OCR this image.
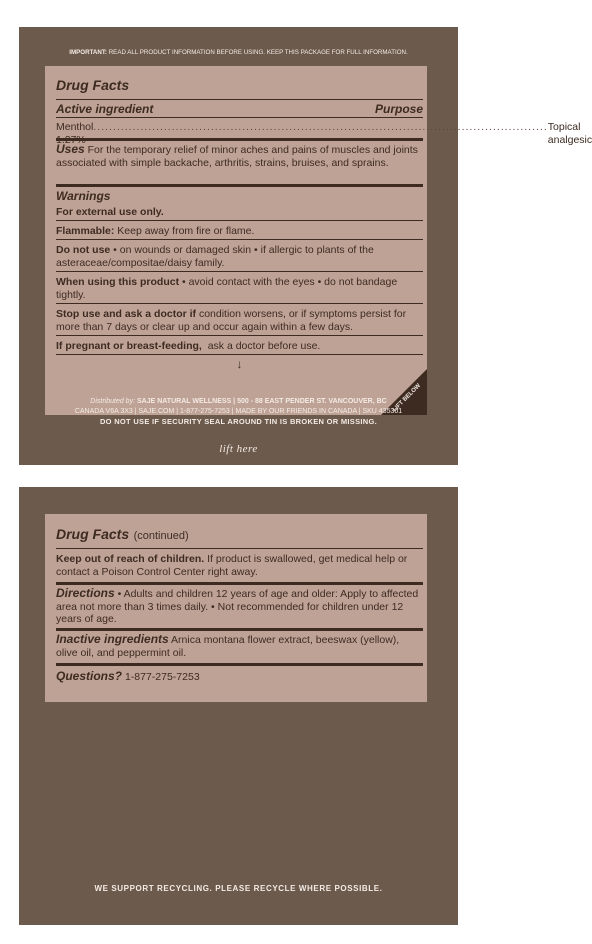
IMPORTANT: READ ALL PRODUCT INFORMATION BEFORE USING. KEEP THIS PACKAGE FOR FULL INFORMATION.
Drug Facts
Active ingredient	Purpose
Menthol 1.27%
.................................................................................................................... Topical analgesic
Uses For the temporary relief of minor aches and pains of muscles and joints associated with simple backache, arthritis, strains, bruises, and sprains.
Warnings
For external use only.
Flammable: Keep away from fire or flame.
Do not use • on wounds or damaged skin • if allergic to plants of the asteraceae/compositae/daisy family.
When using this product • avoid contact with the eyes • do not bandage tightly.
Stop use and ask a doctor if condition worsens, or if symptoms persist for more than 7 days or clear up and occur again within a few days.
If pregnant or breast-feeding, ask a doctor before use.
↓
LIFT BELOW
Distributed by: SAJE NATURAL WELLNESS | 500 - 88 EAST PENDER ST. VANCOUVER, BC
CANADA V6A 3X3 | SAJE.COM | 1-877-275-7253 | MADE BY OUR FRIENDS IN CANADA | SKU 435301
DO NOT USE IF SECURITY SEAL AROUND TIN IS BROKEN OR MISSING.
lift here
Drug Facts (continued)
Keep out of reach of children. If product is swallowed, get medical help or contact a Poison Control Center right away.
Directions • Adults and children 12 years of age and older: Apply to affected area not more than 3 times daily. • Not recommended for children under 12 years of age.
Inactive ingredients Arnica montana flower extract, beeswax (yellow), olive oil, and peppermint oil.
Questions? 1-877-275-7253
WE SUPPORT RECYCLING. PLEASE RECYCLE WHERE POSSIBLE.
